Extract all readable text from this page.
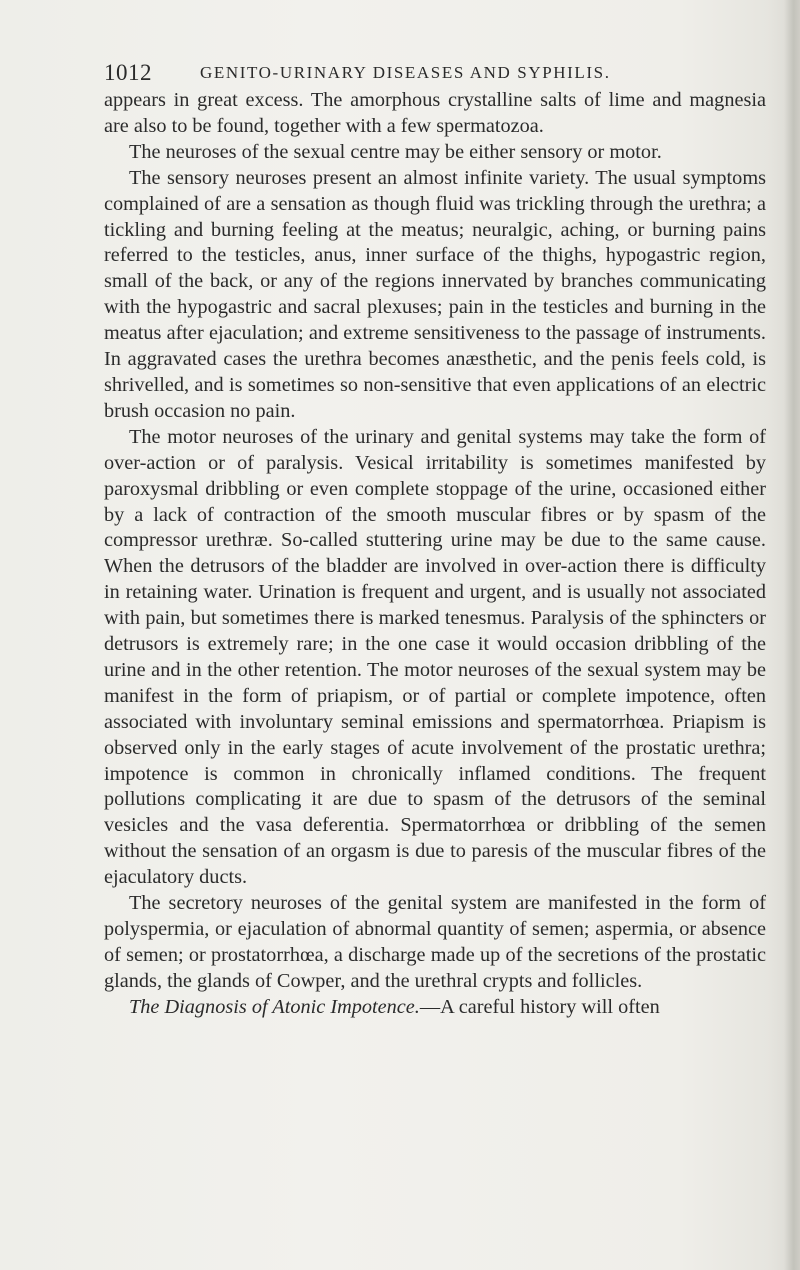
1012	GENITO-URINARY DISEASES AND SYPHILIS.

appears in great excess. The amorphous crystalline salts of lime and magnesia are also to be found, together with a few spermatozoa.

The neuroses of the sexual centre may be either sensory or motor.

The sensory neuroses present an almost infinite variety. The usual symptoms complained of are a sensation as though fluid was trickling through the urethra; a tickling and burning feeling at the meatus; neuralgic, aching, or burning pains referred to the testicles, anus, inner surface of the thighs, hypogastric region, small of the back, or any of the regions innervated by branches communicating with the hypogastric and sacral plexuses; pain in the testicles and burning in the meatus after ejaculation; and extreme sensitiveness to the passage of instruments. In aggravated cases the urethra becomes anæsthetic, and the penis feels cold, is shrivelled, and is sometimes so non-sensitive that even applications of an electric brush occasion no pain.

The motor neuroses of the urinary and genital systems may take the form of over-action or of paralysis. Vesical irritability is sometimes manifested by paroxysmal dribbling or even complete stoppage of the urine, occasioned either by a lack of contraction of the smooth muscular fibres or by spasm of the compressor urethræ. So-called stuttering urine may be due to the same cause. When the detrusors of the bladder are involved in over-action there is difficulty in retaining water. Urination is frequent and urgent, and is usually not associated with pain, but sometimes there is marked tenesmus. Paralysis of the sphincters or detrusors is extremely rare; in the one case it would occasion dribbling of the urine and in the other retention. The motor neuroses of the sexual system may be manifest in the form of priapism, or of partial or complete impotence, often associated with involuntary seminal emissions and spermatorrhœa. Priapism is observed only in the early stages of acute involvement of the prostatic urethra; impotence is common in chronically inflamed conditions. The frequent pollutions complicating it are due to spasm of the detrusors of the seminal vesicles and the vasa deferentia. Spermatorrhœa or dribbling of the semen without the sensation of an orgasm is due to paresis of the muscular fibres of the ejaculatory ducts.

The secretory neuroses of the genital system are manifested in the form of polyspermia, or ejaculation of abnormal quantity of semen; aspermia, or absence of semen; or prostatorrhœa, a discharge made up of the secretions of the prostatic glands, the glands of Cowper, and the urethral crypts and follicles.

The Diagnosis of Atonic Impotence.—A careful history will often
